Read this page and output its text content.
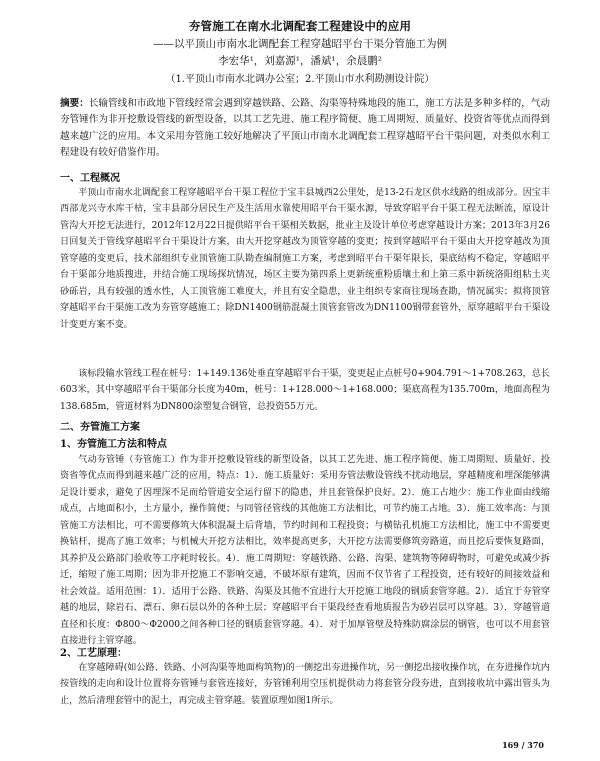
夯管施工在南水北调配套工程建设中的应用
——以平顶山市南水北调配套工程穿越昭平台干渠分管施工为例
李宏华¹，刘嘉源¹，潘斌¹，余晨鹏²
（1.平顶山市南水北调办公室；2.平顶山市水利勘测设计院）
摘要：长输管线和市政地下管线经常会遇到穿越铁路、公路、沟渠等特殊地段的施工，施工方法是多种多样的，气动夯管锤作为非开挖敷设管线的新型设备，以其工艺先进、施工程序简便、施工周期短、质量好、投资省等优点而得到越来越广泛的应用。本文采用夯管施工较好地解决了平顶山市南水北调配套工程穿越昭平台干渠问题，对类似水利工程建设有较好借鉴作用。
一、工程概况
平顶山市南水北调配套工程穿越昭平台干渠工程位于宝丰县城西2公里处，是13-2石龙区供水线路的组成部分。因宝丰西部龙兴寺水库干枯，宝丰县部分居民生产及生活用水靠使用昭平台干渠水源，导致穿昭平台干渠工程无法断流，原设计管沟大开挖无法进行，2012年12月22日提供昭平台干渠相关数据，批业主及设计单位考虑穿越设计方案；2013年3月26日回复关于管线穿越昭平台干渠设计方案，由大开挖穿越改为顶管穿越的变更；按到穿越昭平台干渠由大开挖穿越改为顶管穿越的变更后，技术部组织专业顶管施工队勘查编制施工方案，考虑到昭平台干渠年限长，渠底结构不稳定，穿越昭平台干渠部分地质搜进，并结合施工现场探坑情况，场区主要为第四系上更新统重粉质壤土和上第三系中新统洛阳组粘土夹砂砾岩，具有较强的透水性，人工顶管施工难度大，并且有安全隐患，业主组织专家商往现场查勘，情况属实；拟将顶管穿越昭平台干渠施工改为夯管穿越施工；除DN1400钢筋混凝土顶管套管改为DN1100钢带套管外，原穿越昭平台干渠设计变更方案不变。
该标段输水管线工程在桩号：1+149.136处垂直穿越昭平台干渠，变更起止点桩号0+904.791～1+708.263，总长603米，其中穿越昭平台干渠部分长度为40m，桩号：1+128.000～1+168.000；渠底高程为135.700m，地面高程为138.685m，管道材料为DN800涂塑复合钢管，总投资55万元。
二、夯管施工方案
1、夯管施工方法和特点
气动夯管锤（夯管施工）作为非开挖敷设管线的新型设备，以其工艺先进、施工程序简便、施工周期短、质量好、投资省等优点而得到越来越广泛的应用，特点：1）．施工质量好：采用夯管法敷设管线不扰动地层，穿越精度和埋深能够满足设计要求，避免了因埋深不足而给管道安全运行留下的隐患，并且套管保护良好。2）．施工占地少：施工作业面由线缩成点，占地面积小，土方量小，操作简便；与同管径管线的其他施工方法相比，可节约施工占地。3）．施工效率高：与顶管施工方法相比，可不需要修筑大体积混凝土后背墙，节约时间和工程投资；与横钻孔机施工方法相比，施工中不需要更换钻杆，提高了施工效率；与机械大开挖方法相比，效率提高更多，大开挖方法需要修筑旁路道，而且挖后要恢复路面，其养护及公路部门验收等工序耗时较长。4）．施工周期短：穿越铁路、公路、沟渠、建筑物等障碍物时，可避免或减少拆迁，缩短了施工周期；因为非开挖施工不影响交通，不破坏原有建筑，因而不仅节省了工程投资，还有较好的间接效益和社会效益。适用范围：1）．适用于公路、铁路、沟渠及其他不宜进行大开挖施工地段的钢质套管穿越。2）．适宜于夯管穿越的地层，除岩石、漂石、卵石层以外的各种土层；穿越昭平台干渠段经查看地质报告为砂岩层可以穿越。3）．穿越管道直径和长度：Φ800～Φ2000之间各种口径的钢质套管穿越。4）．对于加厚管壁及特殊防腐涂层的钢管，也可以不用套管直接进行主管穿越。
2、工艺原理：
在穿越障碍(如公路、铁路、小河沟渠等地面构筑物)的一侧挖出夯进操作坑，另一侧挖出接收操作坑，在夯进操作坑内按管线的走向和设计位置将夯管锤与套管连接好，夯管锤利用空压机提供动力将套管分段夯进，直到接收坑中露出管头为止，然后清理套管中的泥土，再完成主管穿越。装置原理如图1所示。
169 / 370
